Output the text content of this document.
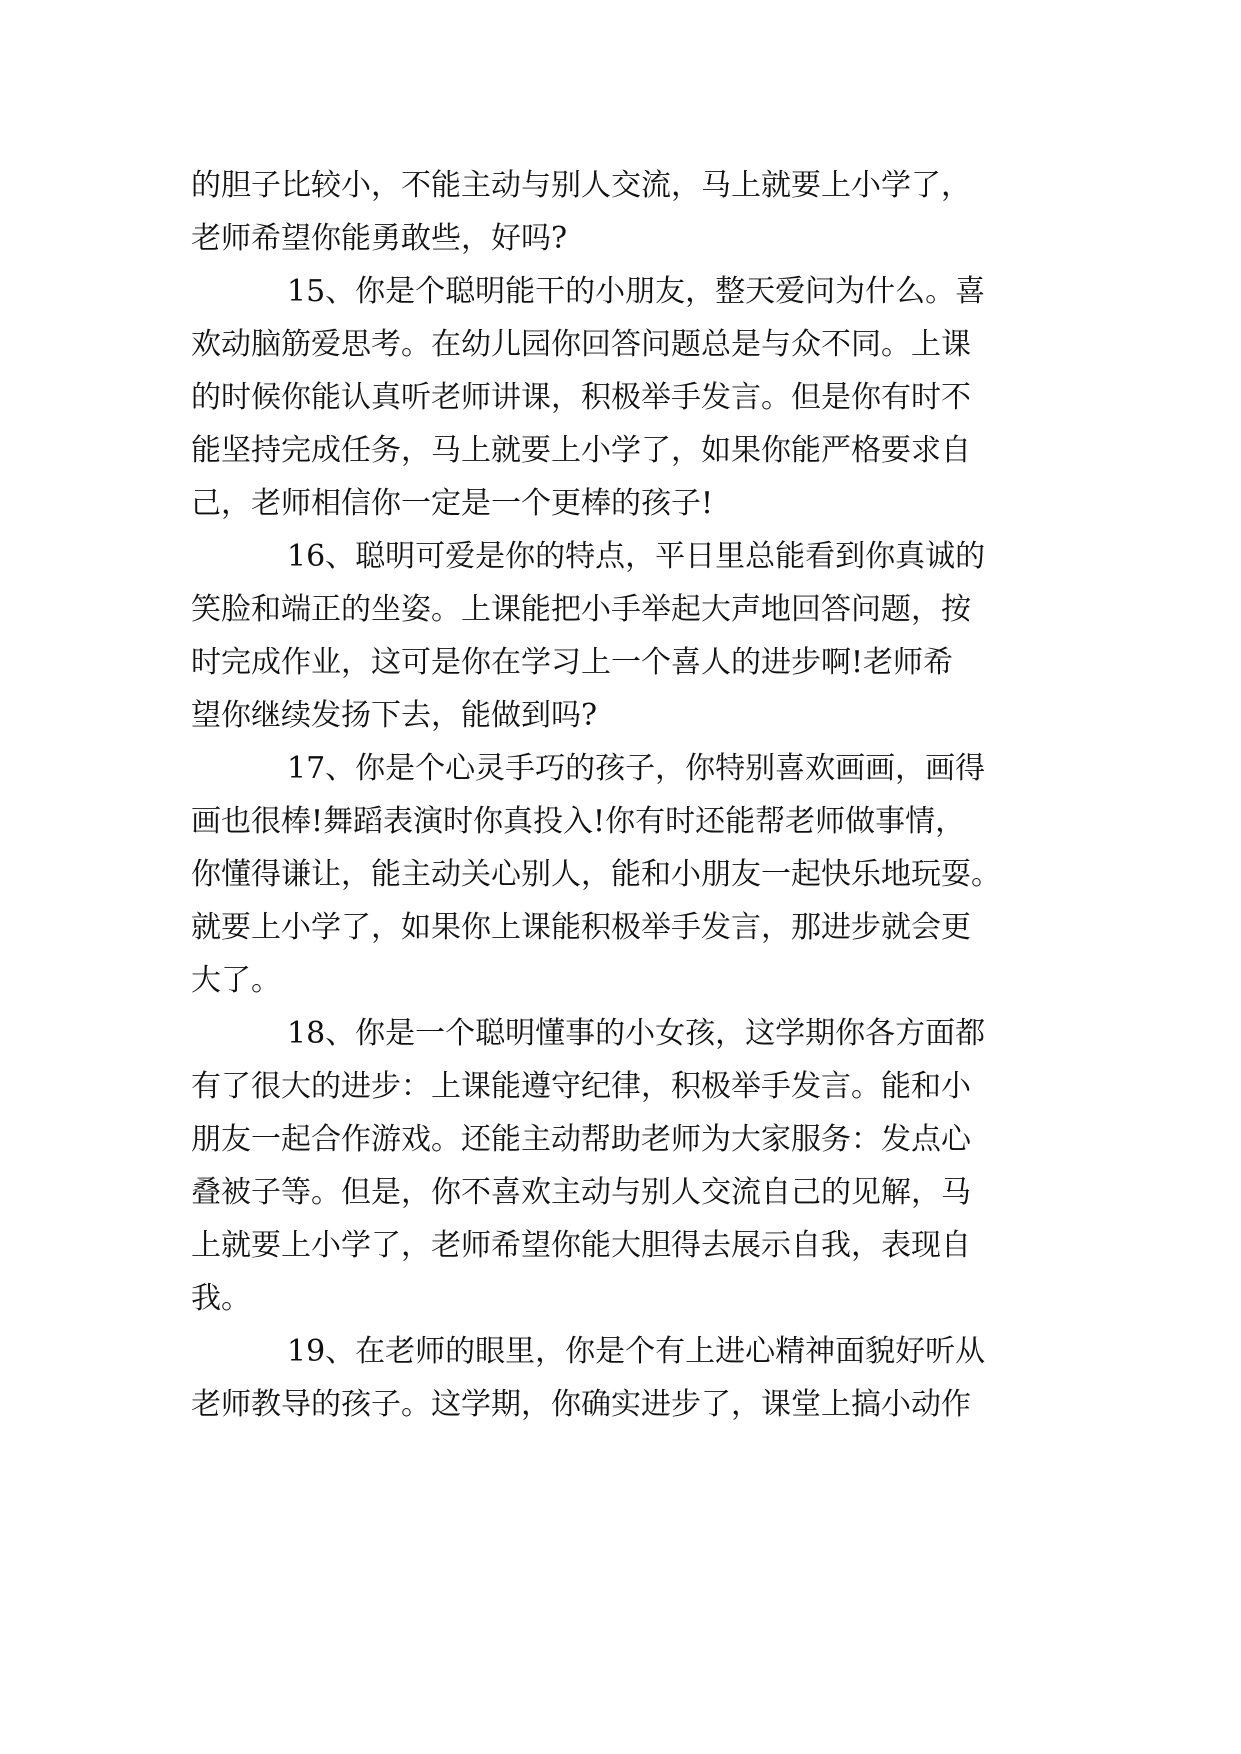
的胆子比较小，不能主动与别人交流，马上就要上小学了，
老师希望你能勇敢些，好吗?
15、你是个聪明能干的小朋友，整天爱问为什么。喜
欢动脑筋爱思考。在幼儿园你回答问题总是与众不同。上课
的时候你能认真听老师讲课，积极举手发言。但是你有时不
能坚持完成任务，马上就要上小学了，如果你能严格要求自
己，老师相信你一定是一个更棒的孩子!
16、聪明可爱是你的特点，平日里总能看到你真诚的
笑脸和端正的坐姿。上课能把小手举起大声地回答问题，按
时完成作业，这可是你在学习上一个喜人的进步啊!老师希
望你继续发扬下去，能做到吗?
17、你是个心灵手巧的孩子，你特别喜欢画画，画得
画也很棒!舞蹈表演时你真投入!你有时还能帮老师做事情，
你懂得谦让，能主动关心别人，能和小朋友一起快乐地玩耍。
就要上小学了，如果你上课能积极举手发言，那进步就会更
大了。
18、你是一个聪明懂事的小女孩，这学期你各方面都
有了很大的进步：上课能遵守纪律，积极举手发言。能和小
朋友一起合作游戏。还能主动帮助老师为大家服务：发点心
叠被子等。但是，你不喜欢主动与别人交流自己的见解，马
上就要上小学了，老师希望你能大胆得去展示自我，表现自
我。
19、在老师的眼里，你是个有上进心精神面貌好听从
老师教导的孩子。这学期，你确实进步了，课堂上搞小动作
